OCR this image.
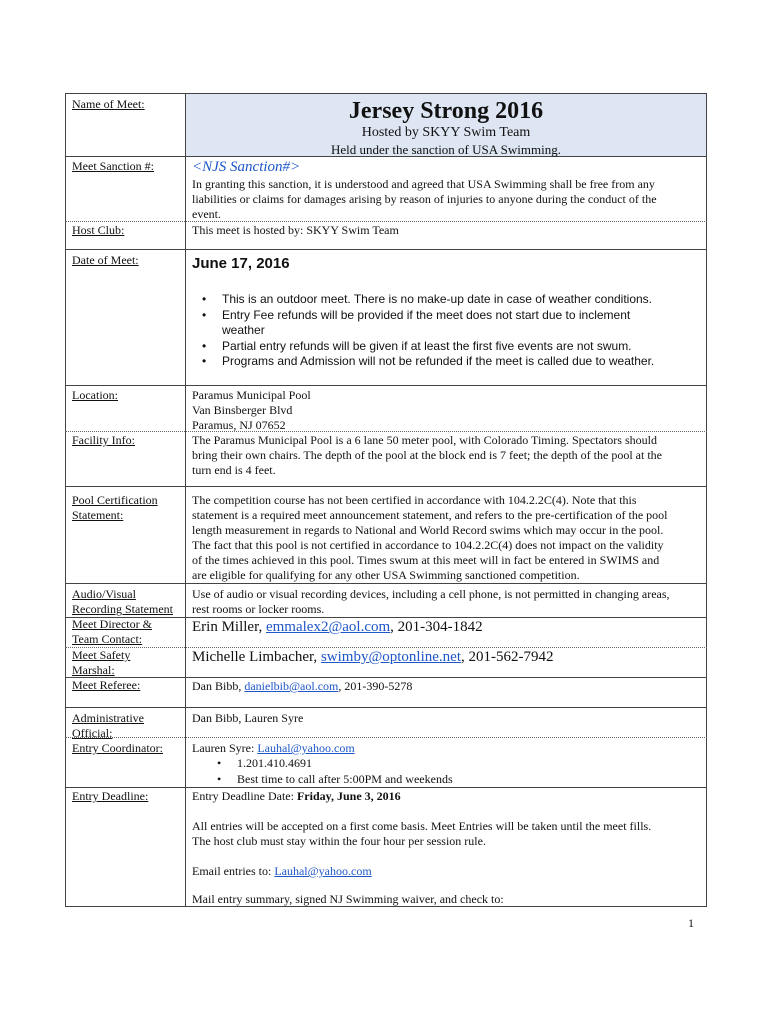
Jersey Strong 2016
Hosted by SKYY Swim Team
Held under the sanction of USA Swimming.
Name of Meet:
Meet Sanction #:
Host Club:
Date of Meet:
Location:
Facility Info:
Pool Certification
Statement:
Audio/Visual
Recording Statement
Meet Director &
Team Contact:
Meet Safety
Marshal:
Meet Referee:
Administrative
Official:
Entry Coordinator:
Entry Deadline:
<NJS Sanction#>
In granting this sanction, it is understood and agreed that USA Swimming shall be free from any
liabilities or claims for damages arising by reason of injuries to anyone during the conduct of the
event.
This meet is hosted by: SKYY Swim Team
June 17, 2016
• This is an outdoor meet. There is no make-up date in case of weather conditions.
• Entry Fee refunds will be provided if the meet does not start due to inclement
weather
• Partial entry refunds will be given if at least the first five events are not swum.
• Programs and Admission will not be refunded if the meet is called due to weather.
Paramus Municipal Pool
Van Binsberger Blvd
Paramus, NJ 07652
The Paramus Municipal Pool is a 6 lane 50 meter pool, with Colorado Timing. Spectators should
bring their own chairs. The depth of the pool at the block end is 7 feet; the depth of the pool at the
turn end is 4 feet.
The competition course has not been certified in accordance with 104.2.2C(4). Note that this
statement is a required meet announcement statement, and refers to the pre-certification of the pool
length measurement in regards to National and World Record swims which may occur in the pool.
The fact that this pool is not certified in accordance to 104.2.2C(4) does not impact on the validity
of the times achieved in this pool. Times swum at this meet will in fact be entered in SWIMS and
are eligible for qualifying for any other USA Swimming sanctioned competition.
Use of audio or visual recording devices, including a cell phone, is not permitted in changing areas,
rest rooms or locker rooms.
Erin Miller, emmalex2@aol.com, 201-304-1842
Michelle Limbacher, swimby@optonline.net, 201-562-7942
Dan Bibb, danielbib@aol.com, 201-390-5278
Dan Bibb, Lauren Syre
Lauren Syre: Lauhal@yahoo.com
• 1.201.410.4691
• Best time to call after 5:00PM and weekends
Entry Deadline Date: Friday, June 3, 2016
All entries will be accepted on a first come basis. Meet Entries will be taken until the meet fills.
The host club must stay within the four hour per session rule.
Email entries to: Lauhal@yahoo.com
Mail entry summary, signed NJ Swimming waiver, and check to:
1
